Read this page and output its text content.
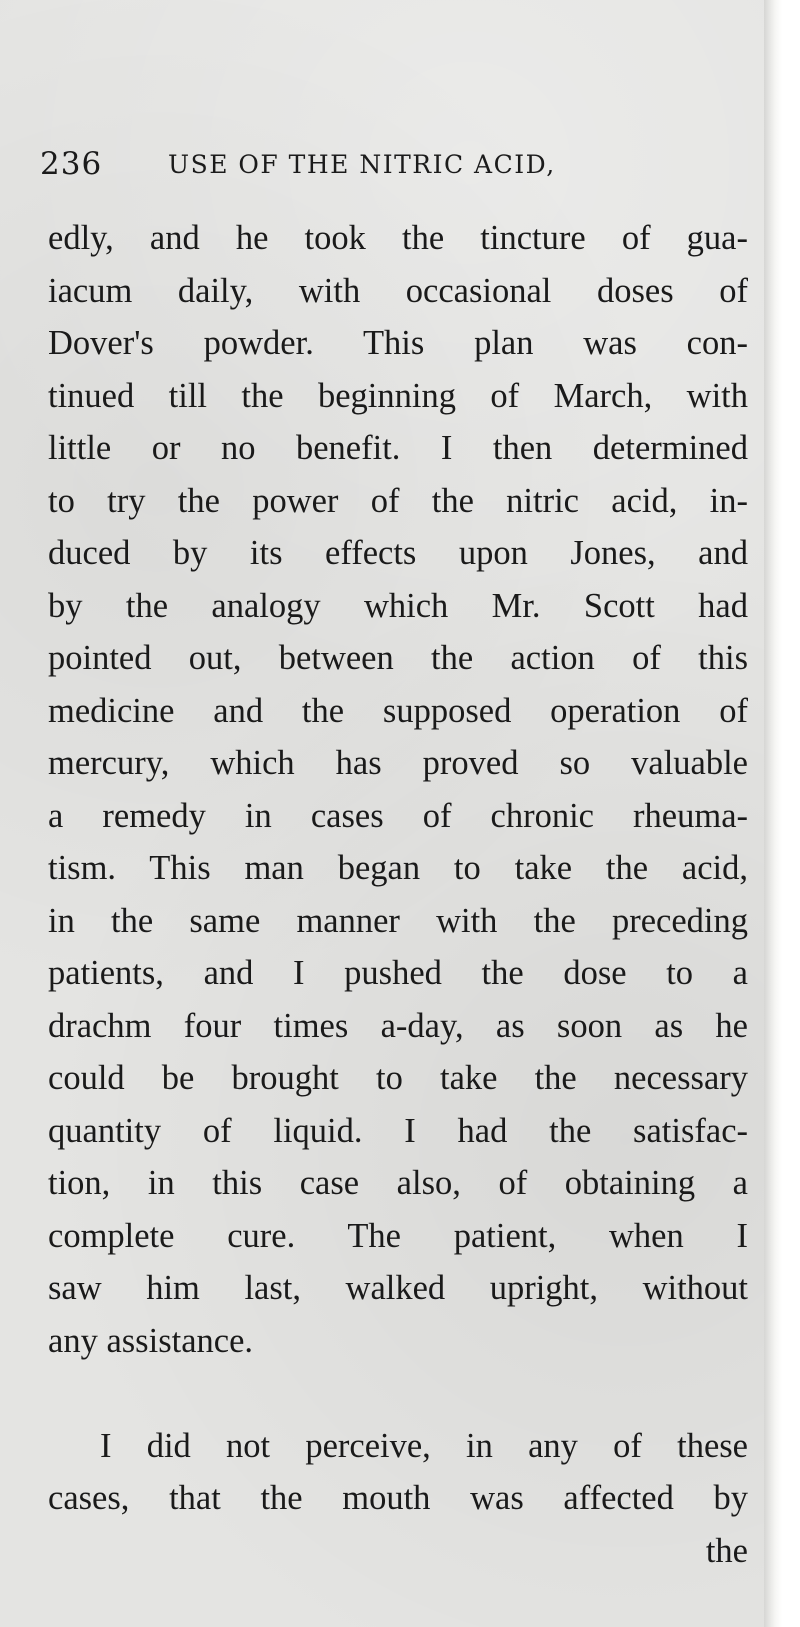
236	USE OF THE NITRIC ACID,
edly, and he took the tincture of gua-
iacum daily, with occasional doses of
Dover's powder. This plan was con-
tinued till the beginning of March, with
little or no benefit. I then determined
to try the power of the nitric acid, in-
duced by its effects upon Jones, and
by the analogy which Mr. Scott had
pointed out, between the action of this
medicine and the supposed operation of
mercury, which has proved so valuable
a remedy in cases of chronic rheuma-
tism. This man began to take the acid,
in the same manner with the preceding
patients, and I pushed the dose to a
drachm four times a-day, as soon as he
could be brought to take the necessary
quantity of liquid. I had the satisfac-
tion, in this case also, of obtaining a
complete cure. The patient, when I
saw him last, walked upright, without
any assistance.
I did not perceive, in any of these
cases, that the mouth was affected by
the
